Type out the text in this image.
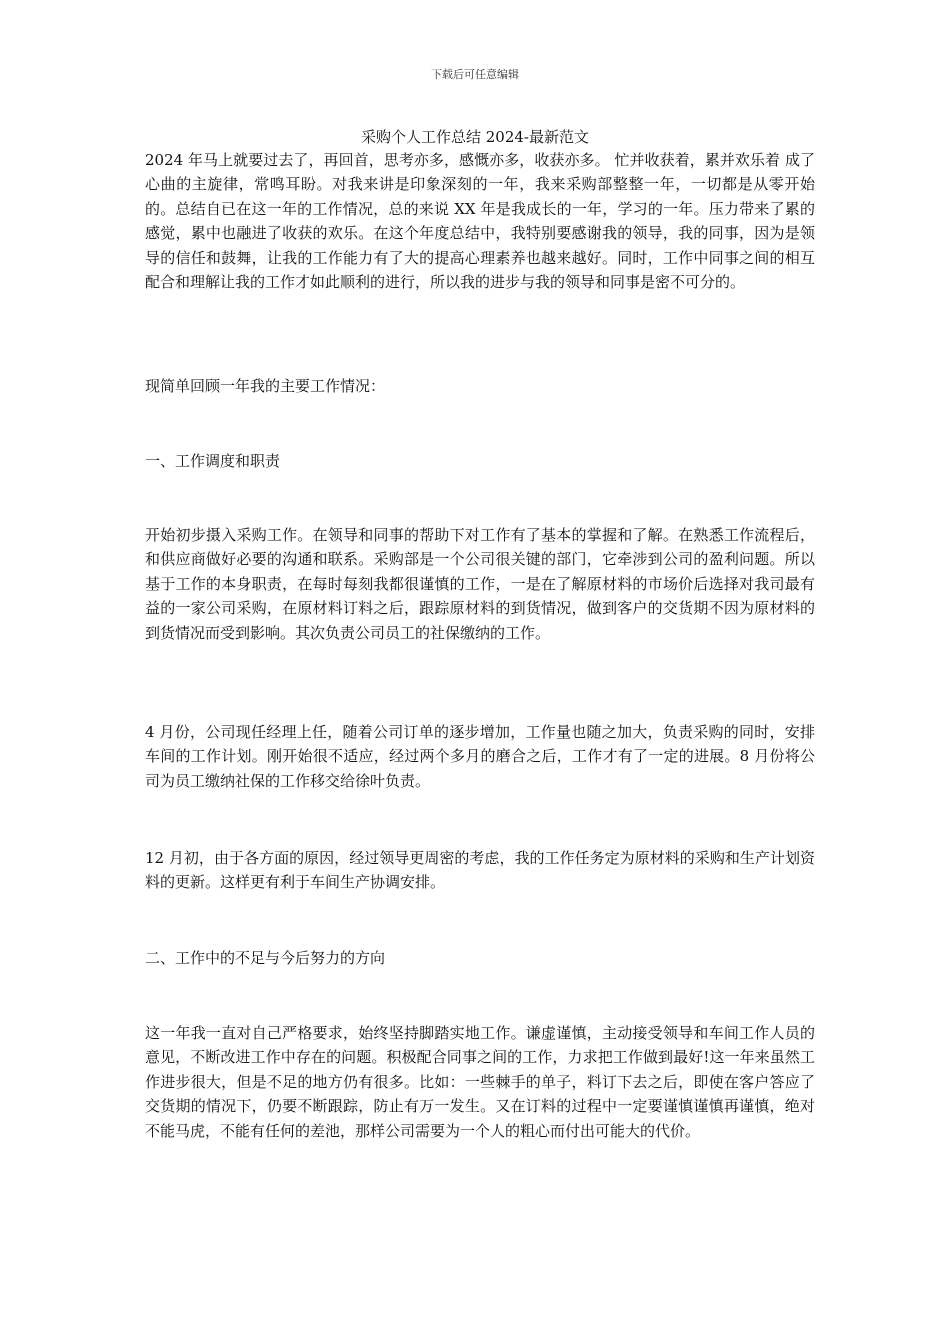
下载后可任意编辑
采购个人工作总结 2024-最新范文
2024 年马上就要过去了，再回首，思考亦多，感慨亦多，收获亦多。 忙并收获着，累并欢乐着 成了心曲的主旋律，常鸣耳盼。对我来讲是印象深刻的一年，我来采购部整整一年，一切都是从零开始的。总结自已在这一年的工作情况，总的来说 XX 年是我成长的一年，学习的一年。压力带来了累的感觉，累中也融进了收获的欢乐。在这个年度总结中，我特别要感谢我的领导，我的同事，因为是领导的信任和鼓舞，让我的工作能力有了大的提高心理素养也越来越好。同时，工作中同事之间的相互配合和理解让我的工作才如此顺利的进行，所以我的进步与我的领导和同事是密不可分的。
现简单回顾一年我的主要工作情况：
一、工作调度和职责
开始初步摄入采购工作。在领导和同事的帮助下对工作有了基本的掌握和了解。在熟悉工作流程后，和供应商做好必要的沟通和联系。采购部是一个公司很关键的部门，它牵涉到公司的盈利问题。所以基于工作的本身职责，在每时每刻我都很谨慎的工作，一是在了解原材料的市场价后选择对我司最有益的一家公司采购，在原材料订料之后，跟踪原材料的到货情况，做到客户的交货期不因为原材料的到货情况而受到影响。其次负责公司员工的社保缴纳的工作。
4 月份，公司现任经理上任，随着公司订单的逐步增加，工作量也随之加大，负责采购的同时，安排车间的工作计划。刚开始很不适应，经过两个多月的磨合之后，工作才有了一定的进展。8 月份将公司为员工缴纳社保的工作移交给徐叶负责。
12 月初，由于各方面的原因，经过领导更周密的考虑，我的工作任务定为原材料的采购和生产计划资料的更新。这样更有利于车间生产协调安排。
二、工作中的不足与今后努力的方向
这一年我一直对自己严格要求，始终坚持脚踏实地工作。谦虚谨慎，主动接受领导和车间工作人员的意见，不断改进工作中存在的问题。积极配合同事之间的工作，力求把工作做到最好!这一年来虽然工作进步很大，但是不足的地方仍有很多。比如：一些棘手的单子，料订下去之后，即使在客户答应了交货期的情况下，仍要不断跟踪，防止有万一发生。又在订料的过程中一定要谨慎谨慎再谨慎，绝对不能马虎，不能有任何的差池，那样公司需要为一个人的粗心而付出可能大的代价。
